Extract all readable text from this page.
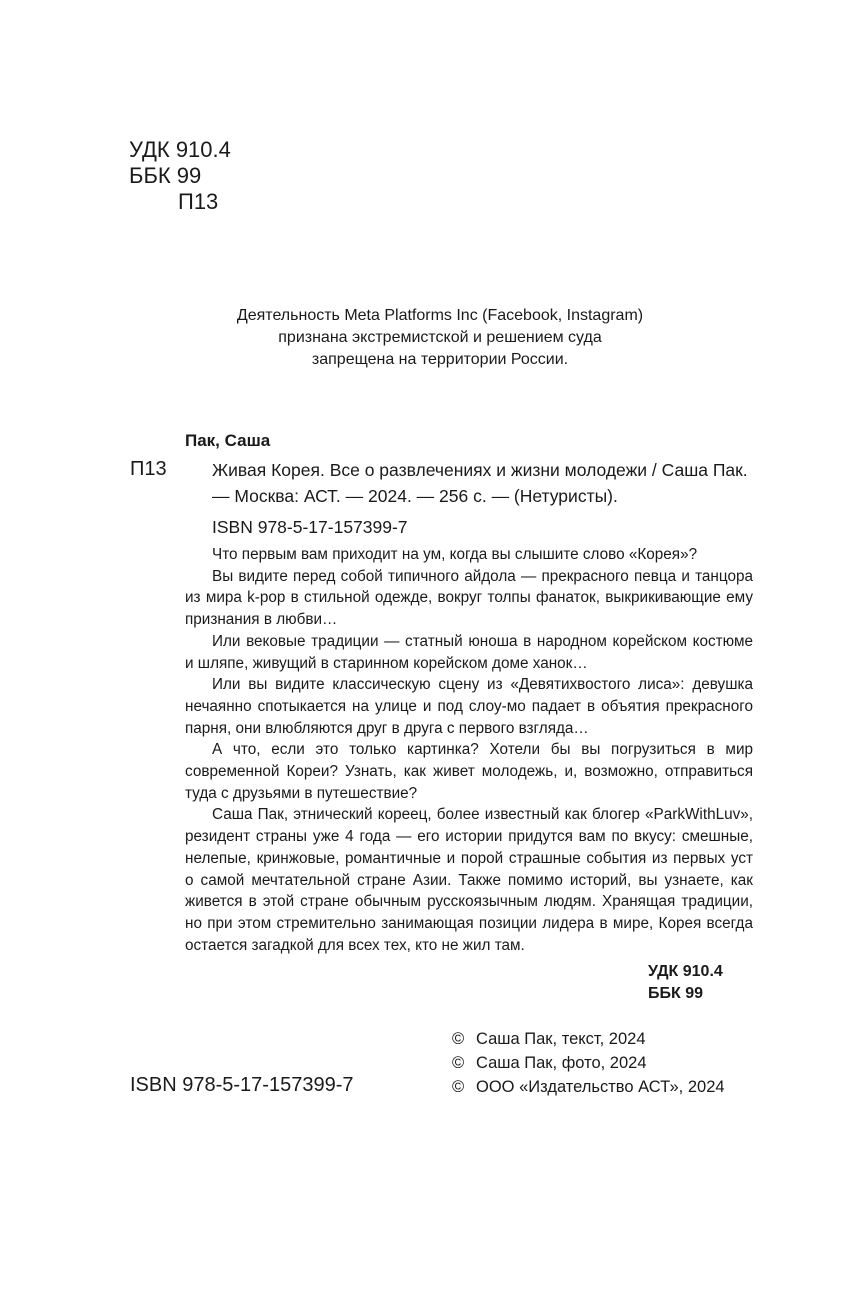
УДК 910.4
ББК 99
П13
Деятельность Meta Platforms Inc (Facebook, Instagram)
признана экстремистской и решением суда
запрещена на территории России.
Пак, Саша
П13	Живая Корея. Все о развлечениях и жизни молодежи / Саша Пак. — Москва: АСТ. — 2024. — 256 с. — (Нетуристы).
ISBN 978-5-17-157399-7

Что первым вам приходит на ум, когда вы слышите слово «Корея»?

Вы видите перед собой типичного айдола — прекрасного певца и танцора из мира k-pop в стильной одежде, вокруг толпы фанаток, выкрикивающие ему признания в любви…

Или вековые традиции — статный юноша в народном корейском костюме и шляпе, живущий в старинном корейском доме ханок…

Или вы видите классическую сцену из «Девятихвостого лиса»: девушка нечаянно спотыкается на улице и под слоу-мо падает в объятия прекрасного парня, они влюбляются друг в друга с первого взгляда…

А что, если это только картинка? Хотели бы вы погрузиться в мир современной Кореи? Узнать, как живет молодежь, и, возможно, отправиться туда с друзьями в путешествие?

Саша Пак, этнический кореец, более известный как блогер «ParkWithLuv», резидент страны уже 4 года — его истории придутся вам по вкусу: смешные, нелепые, кринжовые, романтичные и порой страшные события из первых уст о самой мечтательной стране Азии. Также помимо историй, вы узнаете, как живется в этой стране обычным русскоязычным людям. Хранящая традиции, но при этом стремительно занимающая позиции лидера в мире, Корея всегда остается загадкой для всех тех, кто не жил там.

УДК 910.4
ББК 99
© Саша Пак, текст, 2024
© Саша Пак, фото, 2024
© ООО «Издательство АСТ», 2024
ISBN 978-5-17-157399-7
